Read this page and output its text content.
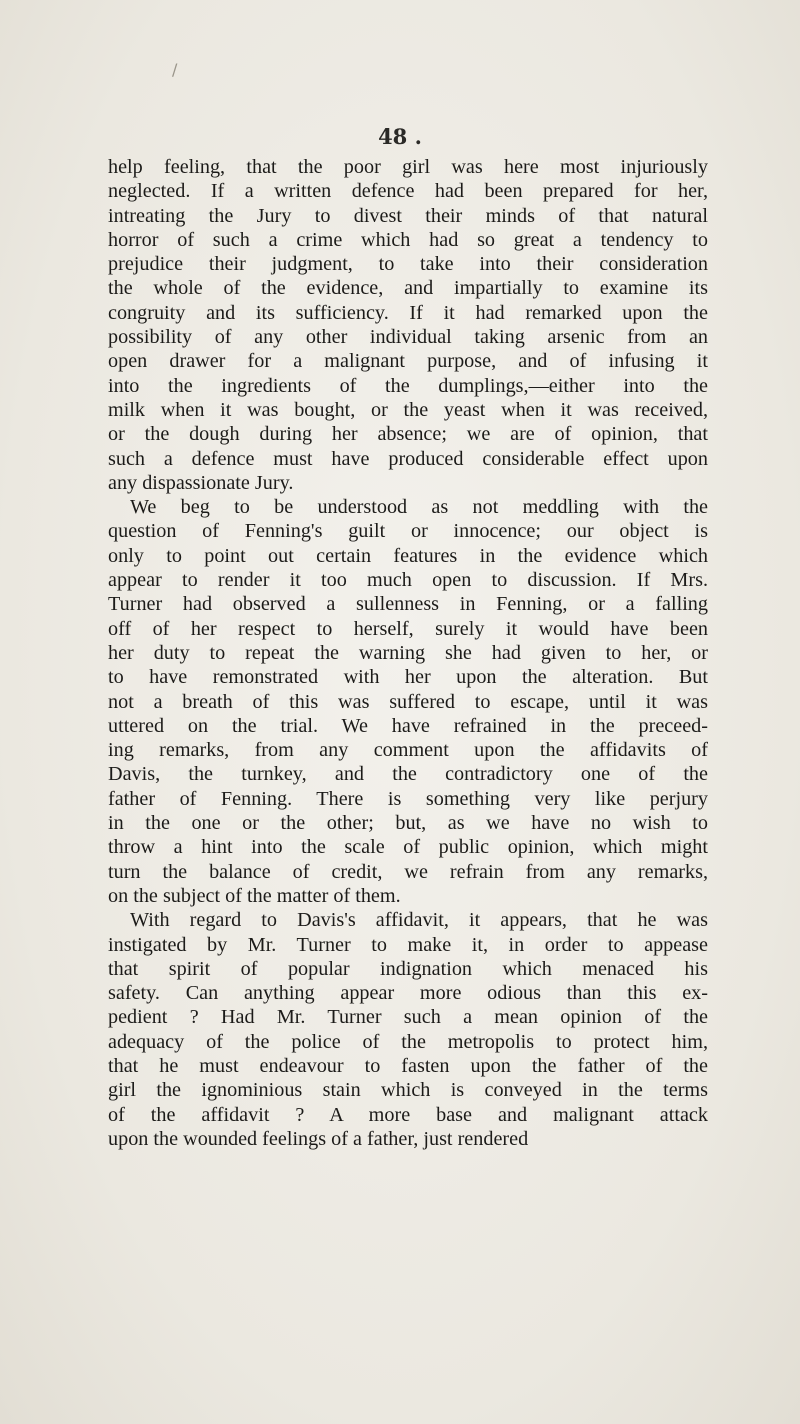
/
48 .
help feeling, that the poor girl was here most injuriously
neglected. If a written defence had been prepared for her,
intreating the Jury to divest their minds of that natural
horror of such a crime which had so great a tendency to
prejudice their judgment, to take into their consideration
the whole of the evidence, and impartially to examine its
congruity and its sufficiency. If it had remarked upon the
possibility of any other individual taking arsenic from an
open drawer for a malignant purpose, and of infusing it
into the ingredients of the dumplings,—either into the
milk when it was bought, or the yeast when it was received,
or the dough during her absence; we are of opinion, that
such a defence must have produced considerable effect upon
any dispassionate Jury.
We beg to be understood as not meddling with the
question of Fenning's guilt or innocence; our object is
only to point out certain features in the evidence which
appear to render it too much open to discussion. If Mrs.
Turner had observed a sullenness in Fenning, or a falling
off of her respect to herself, surely it would have been
her duty to repeat the warning she had given to her, or
to have remonstrated with her upon the alteration. But
not a breath of this was suffered to escape, until it was
uttered on the trial. We have refrained in the preceed-
ing remarks, from any comment upon the affidavits of
Davis, the turnkey, and the contradictory one of the
father of Fenning. There is something very like perjury
in the one or the other; but, as we have no wish to
throw a hint into the scale of public opinion, which might
turn the balance of credit, we refrain from any remarks,
on the subject of the matter of them.
With regard to Davis's affidavit, it appears, that he was
instigated by Mr. Turner to make it, in order to appease
that spirit of popular indignation which menaced his
safety. Can anything appear more odious than this ex-
pedient ? Had Mr. Turner such a mean opinion of the
adequacy of the police of the metropolis to protect him,
that he must endeavour to fasten upon the father of the
girl the ignominious stain which is conveyed in the terms
of the affidavit ? A more base and malignant attack
upon the wounded feelings of a father, just rendered
